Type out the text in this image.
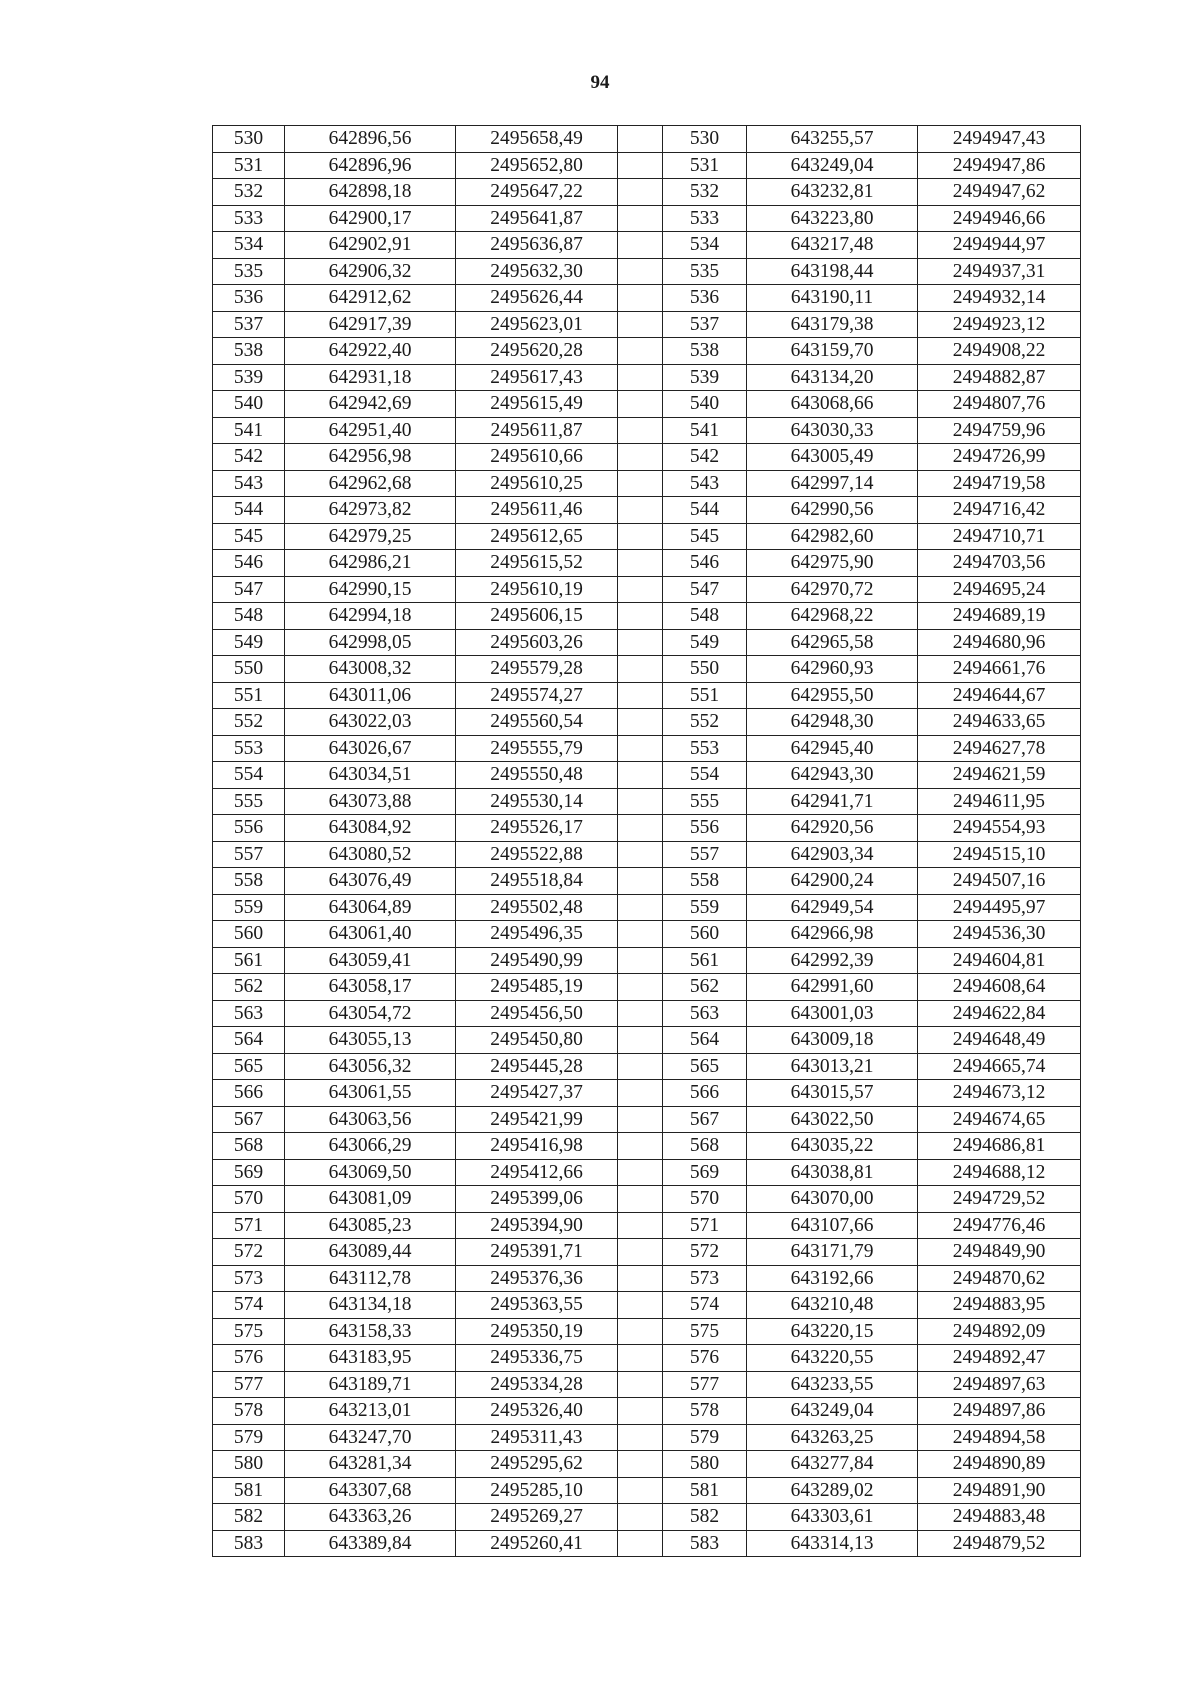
94
530	642896,56	2495658,49		530	643255,57	2494947,43
531	642896,96	2495652,80		531	643249,04	2494947,86
532	642898,18	2495647,22		532	643232,81	2494947,62
533	642900,17	2495641,87		533	643223,80	2494946,66
534	642902,91	2495636,87		534	643217,48	2494944,97
535	642906,32	2495632,30		535	643198,44	2494937,31
536	642912,62	2495626,44		536	643190,11	2494932,14
537	642917,39	2495623,01		537	643179,38	2494923,12
538	642922,40	2495620,28		538	643159,70	2494908,22
539	642931,18	2495617,43		539	643134,20	2494882,87
540	642942,69	2495615,49		540	643068,66	2494807,76
541	642951,40	2495611,87		541	643030,33	2494759,96
542	642956,98	2495610,66		542	643005,49	2494726,99
543	642962,68	2495610,25		543	642997,14	2494719,58
544	642973,82	2495611,46		544	642990,56	2494716,42
545	642979,25	2495612,65		545	642982,60	2494710,71
546	642986,21	2495615,52		546	642975,90	2494703,56
547	642990,15	2495610,19		547	642970,72	2494695,24
548	642994,18	2495606,15		548	642968,22	2494689,19
549	642998,05	2495603,26		549	642965,58	2494680,96
550	643008,32	2495579,28		550	642960,93	2494661,76
551	643011,06	2495574,27		551	642955,50	2494644,67
552	643022,03	2495560,54		552	642948,30	2494633,65
553	643026,67	2495555,79		553	642945,40	2494627,78
554	643034,51	2495550,48		554	642943,30	2494621,59
555	643073,88	2495530,14		555	642941,71	2494611,95
556	643084,92	2495526,17		556	642920,56	2494554,93
557	643080,52	2495522,88		557	642903,34	2494515,10
558	643076,49	2495518,84		558	642900,24	2494507,16
559	643064,89	2495502,48		559	642949,54	2494495,97
560	643061,40	2495496,35		560	642966,98	2494536,30
561	643059,41	2495490,99		561	642992,39	2494604,81
562	643058,17	2495485,19		562	642991,60	2494608,64
563	643054,72	2495456,50		563	643001,03	2494622,84
564	643055,13	2495450,80		564	643009,18	2494648,49
565	643056,32	2495445,28		565	643013,21	2494665,74
566	643061,55	2495427,37		566	643015,57	2494673,12
567	643063,56	2495421,99		567	643022,50	2494674,65
568	643066,29	2495416,98		568	643035,22	2494686,81
569	643069,50	2495412,66		569	643038,81	2494688,12
570	643081,09	2495399,06		570	643070,00	2494729,52
571	643085,23	2495394,90		571	643107,66	2494776,46
572	643089,44	2495391,71		572	643171,79	2494849,90
573	643112,78	2495376,36		573	643192,66	2494870,62
574	643134,18	2495363,55		574	643210,48	2494883,95
575	643158,33	2495350,19		575	643220,15	2494892,09
576	643183,95	2495336,75		576	643220,55	2494892,47
577	643189,71	2495334,28		577	643233,55	2494897,63
578	643213,01	2495326,40		578	643249,04	2494897,86
579	643247,70	2495311,43		579	643263,25	2494894,58
580	643281,34	2495295,62		580	643277,84	2494890,89
581	643307,68	2495285,10		581	643289,02	2494891,90
582	643363,26	2495269,27		582	643303,61	2494883,48
583	643389,84	2495260,41		583	643314,13	2494879,52
